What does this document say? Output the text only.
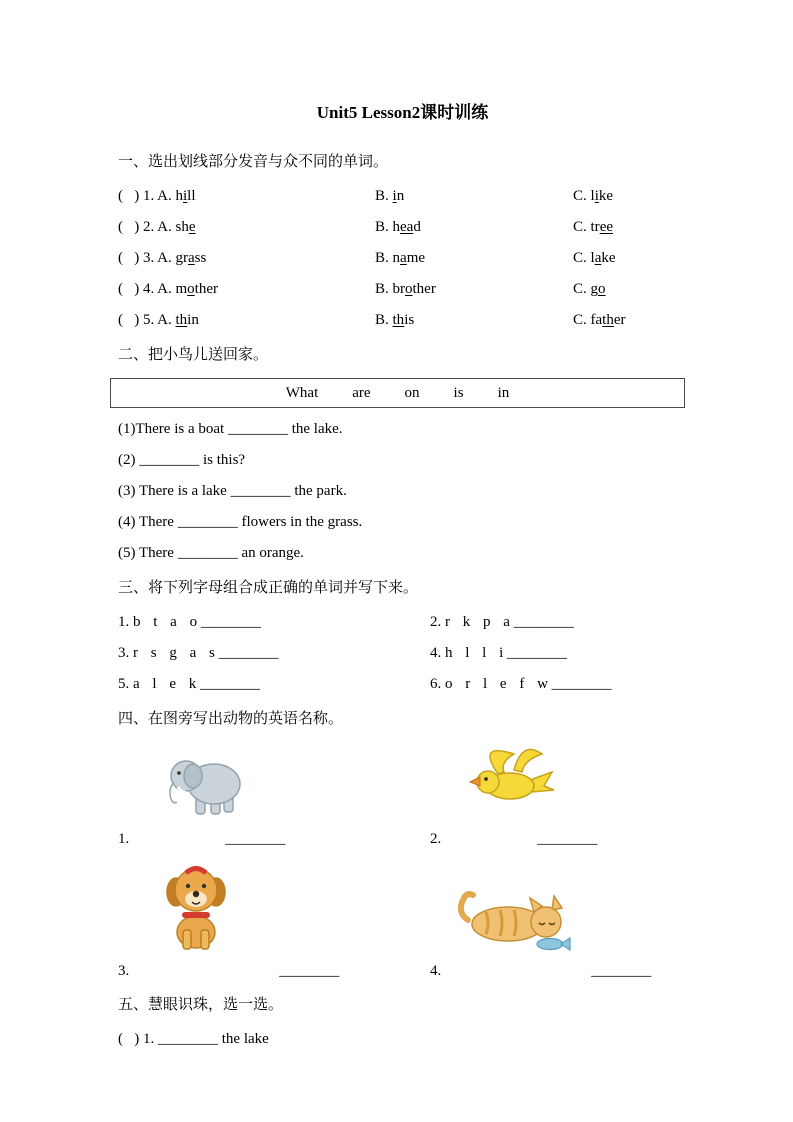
Unit5 Lesson2课时训练
一、选出划线部分发音与众不同的单词。
(   ) 1. A. hill	B. in	C. like
(   ) 2. A. she	B. head	C. tree
(   ) 3. A. grass	B. name	C. lake
(   ) 4. A. mother	B. brother	C. go
(   ) 5. A. thin	B. this	C. father
二、把小鸟儿送回家。
What are on is in
(1)There is a boat ________ the lake.
(2) ________ is this?
(3) There is a lake ________ the park.
(4) There ________ flowers in the grass.
(5) There ________ an orange.
三、将下列字母组合成正确的单词并写下来。
1. b t a o ________	2. r k p a ________
3. r s g a s ________	4. h l l i ________
5. a l e k ________	6. o r l e f w ________
四、在图旁写出动物的英语名称。
1.	________	2.	________
3.	________	4.	________
五、慧眼识珠，选一选。
(   ) 1. ________ the lake
